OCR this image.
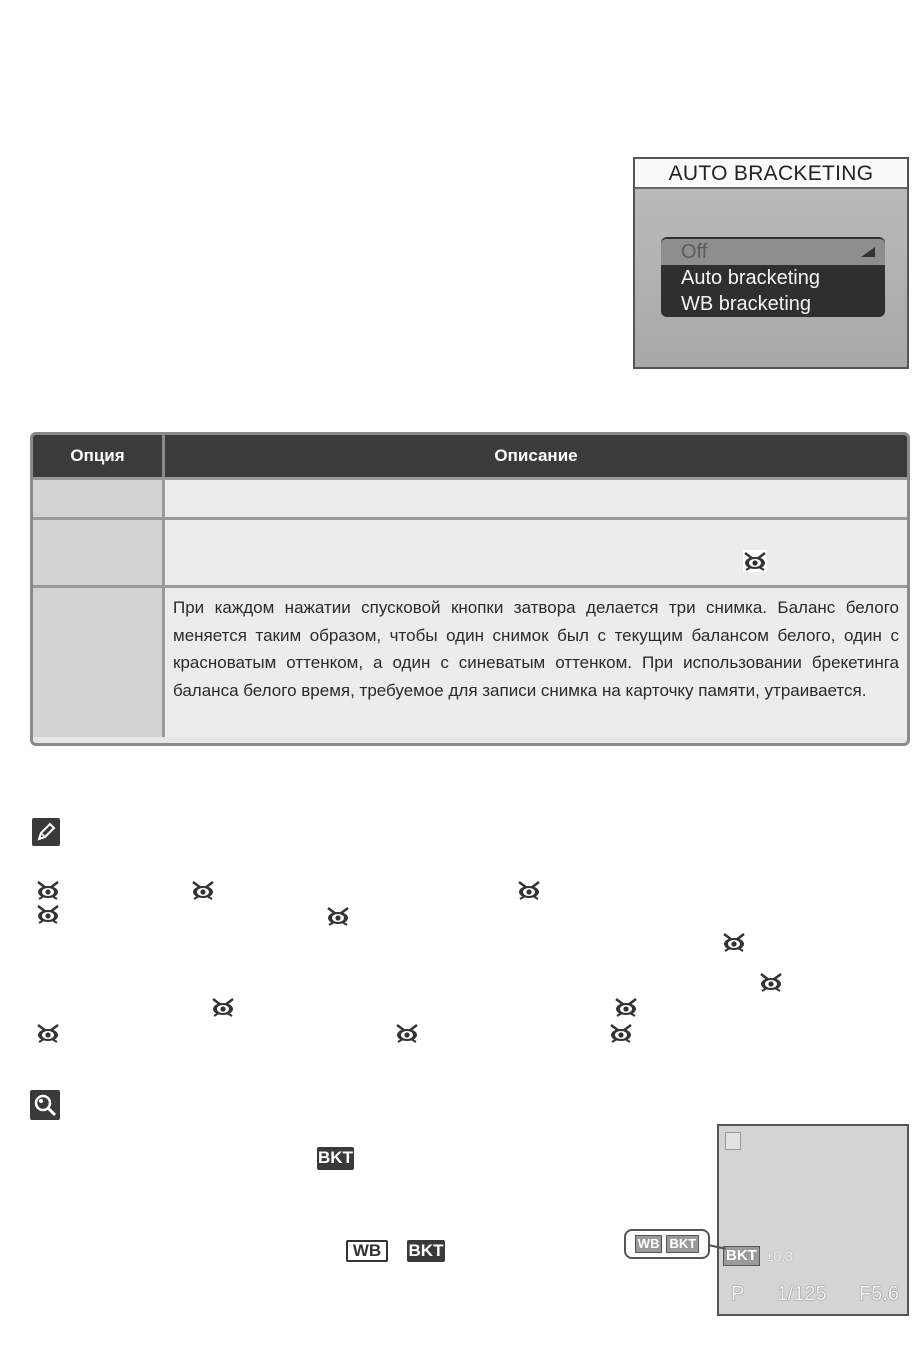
AUTO BRACKETING
Off
Auto bracketing
WB bracketing
Опция	Описание
При каждом нажатии спусковой кнопки затвора делается три снимка. Баланс белого меняется таким образом, чтобы один снимок был с текущим балансом белого, один с красноватым оттенком, а один с синеватым оттенком. При использовании брекетинга баланса белого время, требуемое для записи снимка на карточку памяти, утраивается.
BKT
WB	BKT	BKT ±0.3
P 1/125 F5.6
WB BKT
